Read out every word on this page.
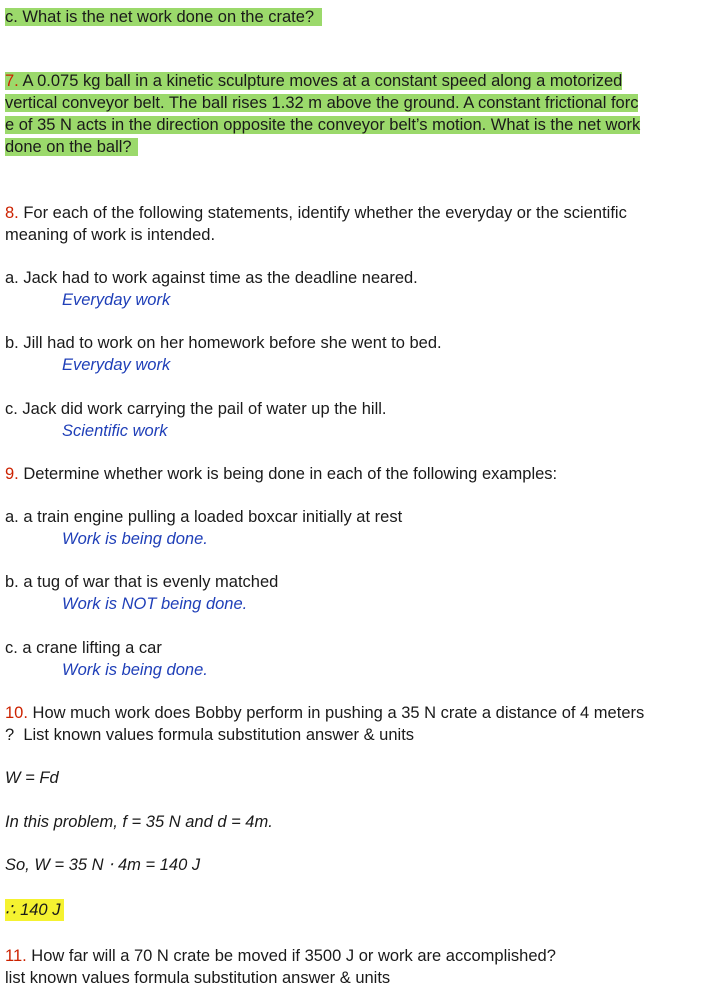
c. What is the net work done on the crate?
7. A 0.075 kg ball in a kinetic sculpture moves at a constant speed along a motorized
vertical conveyor belt. The ball rises 1.32 m above the ground. A constant frictional forc
e of 35 N acts in the direction opposite the conveyor belt’s motion. What is the net work
done on the ball?
8. For each of the following statements, identify whether the everyday or the scientific
meaning of work is intended.
a. Jack had to work against time as the deadline neared.
Everyday work
b. Jill had to work on her homework before she went to bed.
Everyday work
c. Jack did work carrying the pail of water up the hill.
Scientific work
9. Determine whether work is being done in each of the following examples:
a. a train engine pulling a loaded boxcar initially at rest
Work is being done.
b. a tug of war that is evenly matched
Work is NOT being done.
c. a crane lifting a car
Work is being done.
10. How much work does Bobby perform in pushing a 35 N crate a distance of 4 meters
?  List known values formula substitution answer & units
W = Fd
In this problem, f = 35 N and d = 4m.
So, W = 35 N ⋅ 4m = 140 J
∴ 140 J
11. How far will a 70 N crate be moved if 3500 J or work are accomplished?
list known values formula substitution answer & units
